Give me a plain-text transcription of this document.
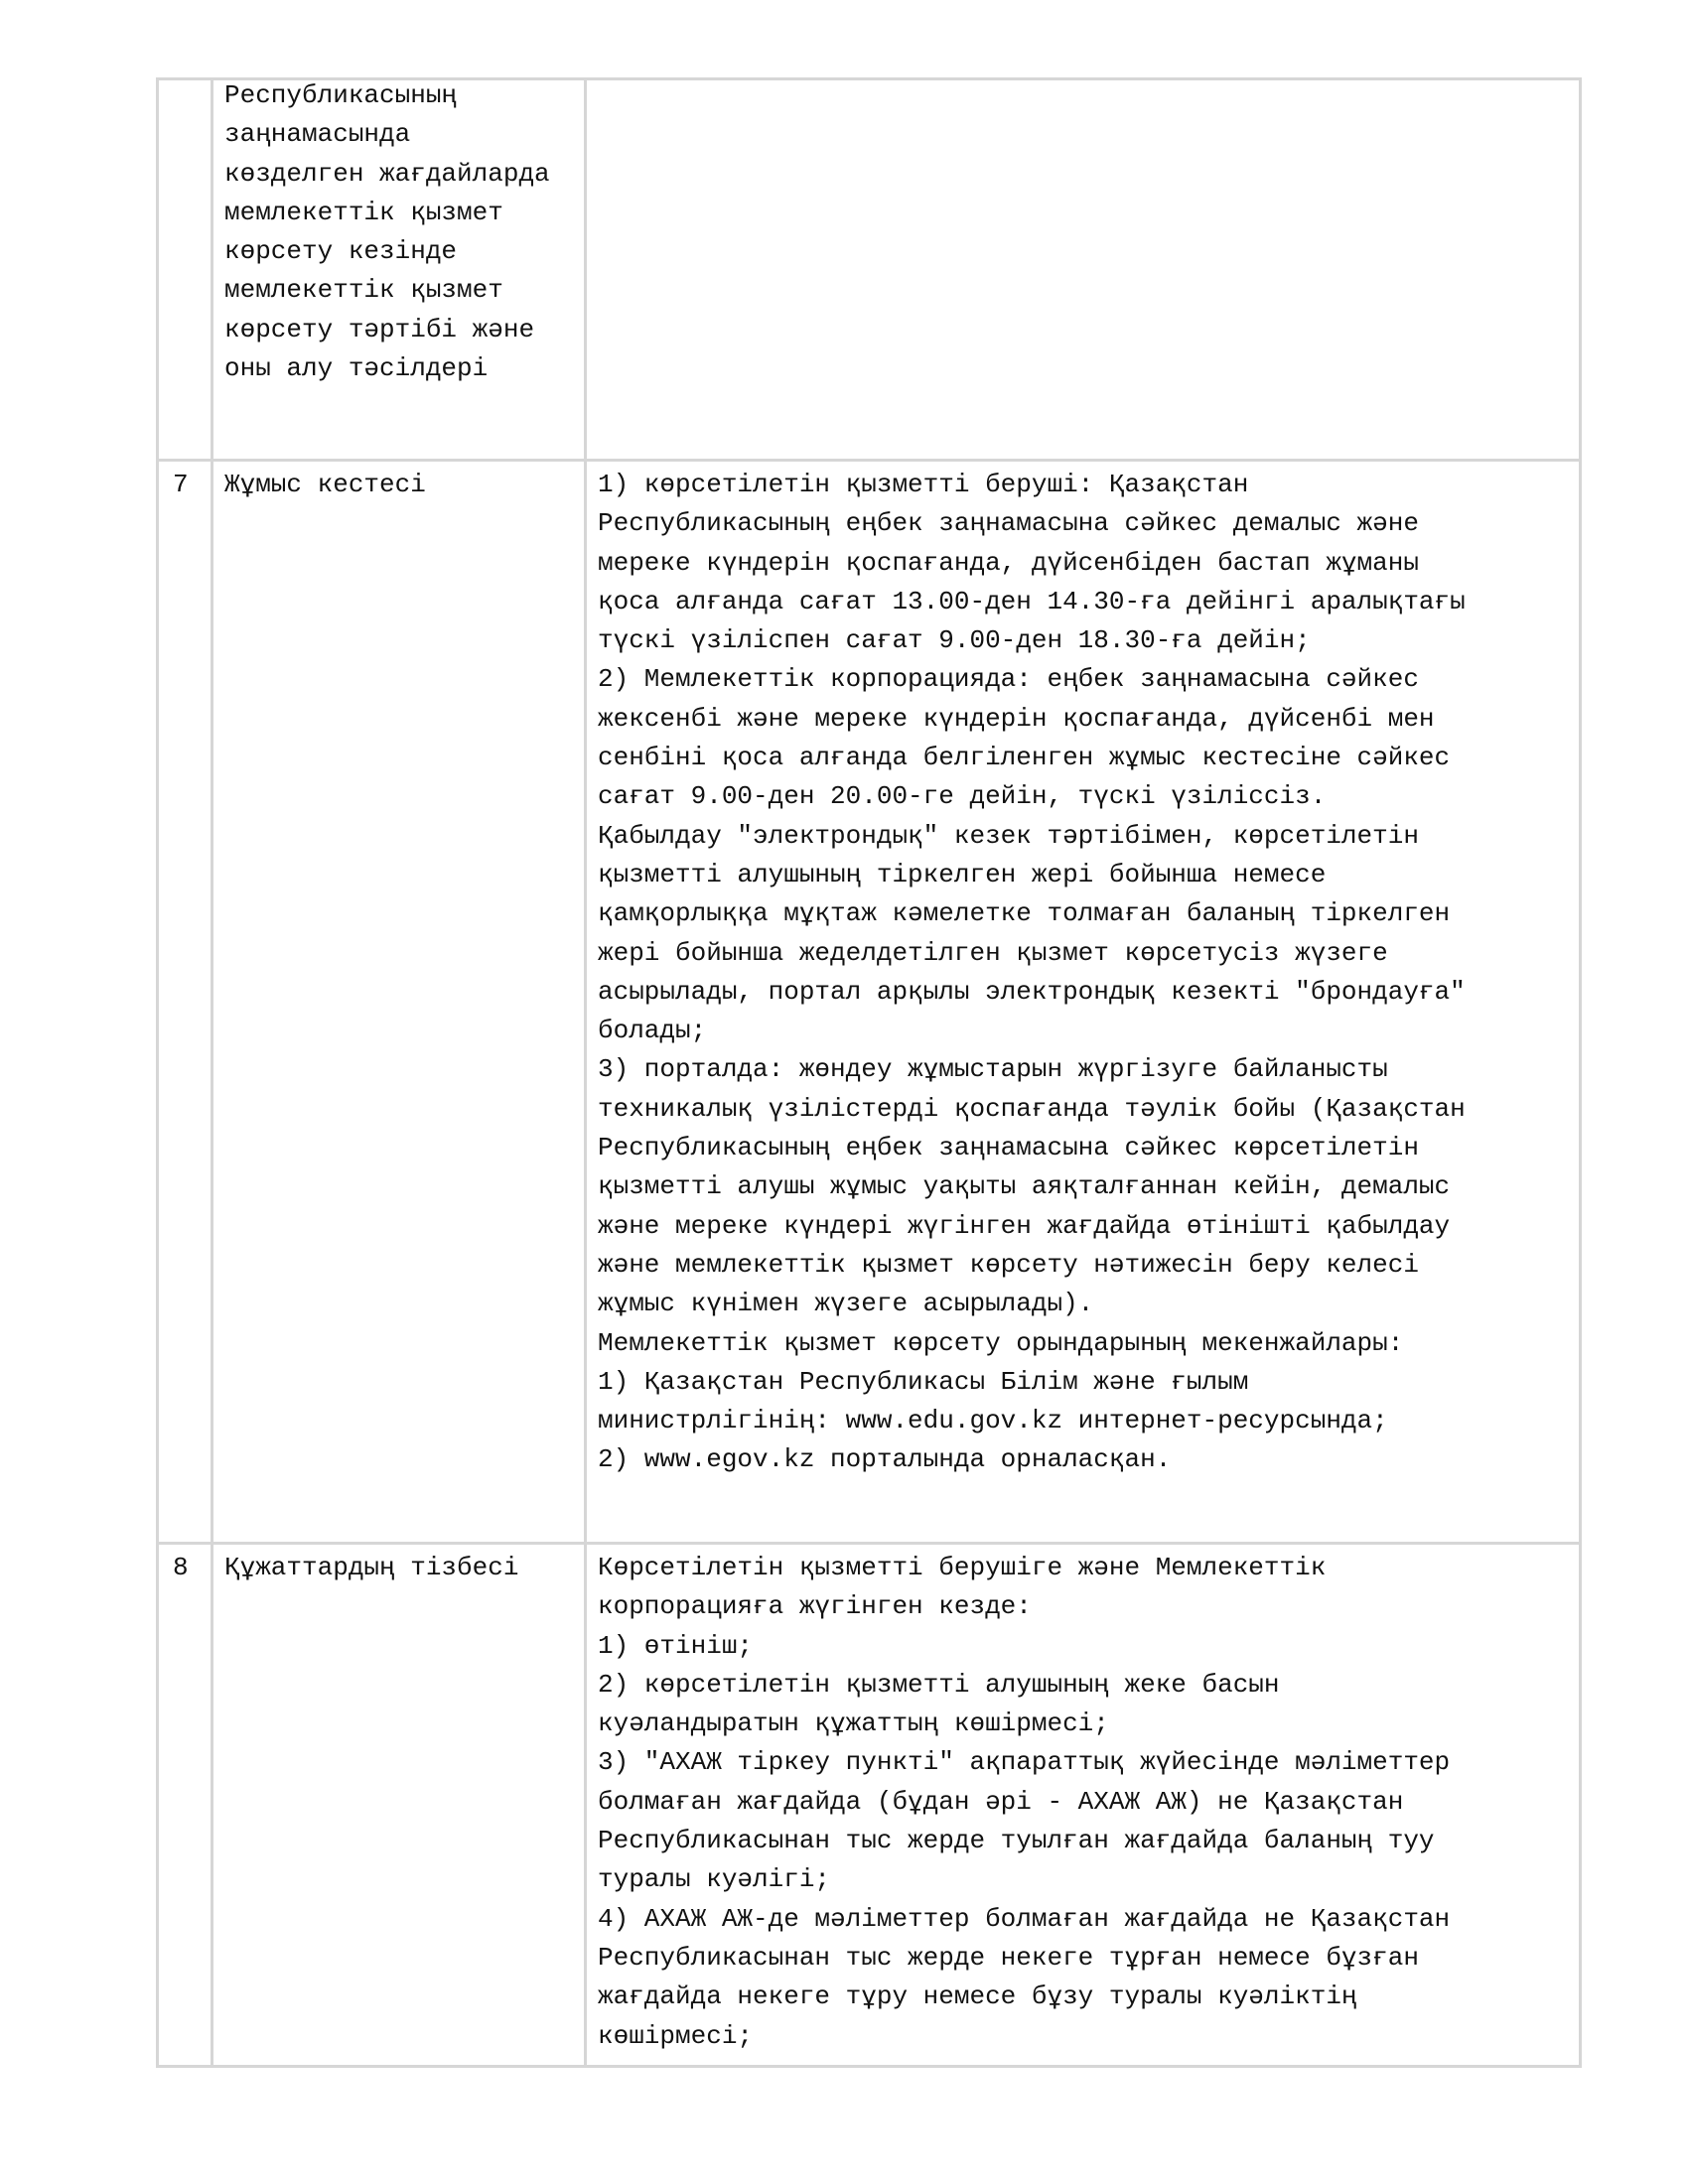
Республикасының
заңнамасында
көзделген жағдайларда
мемлекеттік қызмет
көрсету кезінде
мемлекеттік қызмет
көрсету тәртібі және
оны алу тәсілдері
7 Жұмыс кестесі	1) көрсетілетін қызметті беруші: Қазақстан
Республикасының еңбек заңнамасына сәйкес демалыс және
мереке күндерін қоспағанда, дүйсенбіден бастап жұманы
қоса алғанда сағат 13.00-ден 14.30-ға дейінгі аралықтағы
түскі үзіліспен сағат 9.00-ден 18.30-ға дейін;
2) Мемлекеттік корпорацияда: еңбек заңнамасына сәйкес
жексенбі және мереке күндерін қоспағанда, дүйсенбі мен
сенбіні қоса алғанда белгіленген жұмыс кестесіне сәйкес
сағат 9.00-ден 20.00-ге дейін, түскі үзіліссіз.
Қабылдау "электрондық" кезек тәртібімен, көрсетілетін
қызметті алушының тіркелген жері бойынша немесе
қамқорлыққа мұқтаж кәмелетке толмаған баланың тіркелген
жері бойынша жеделдетілген қызмет көрсетусіз жүзеге
асырылады, портал арқылы электрондық кезекті "брондауға"
болады;
3) порталда: жөндеу жұмыстарын жүргізуге байланысты
техникалық үзілістерді қоспағанда тәулік бойы (Қазақстан
Республикасының еңбек заңнамасына сәйкес көрсетілетін
қызметті алушы жұмыс уақыты аяқталғаннан кейін, демалыс
және мереке күндері жүгінген жағдайда өтінішті қабылдау
және мемлекеттік қызмет көрсету нәтижесін беру келесі
жұмыс күнімен жүзеге асырылады).
Мемлекеттік қызмет көрсету орындарының мекенжайлары:
1) Қазақстан Республикасы Білім және ғылым
министрлігінің: www.edu.gov.kz интернет-ресурсында;
2) www.egov.kz порталында орналасқан.
8 Құжаттардың тізбесі	Көрсетілетін қызметті берушіге және Мемлекеттік
корпорацияға жүгінген кезде:
1) өтініш;
2) көрсетілетін қызметті алушының жеке басын
куәландыратын құжаттың көшірмесі;
3) "АХАЖ тіркеу пункті" ақпараттық жүйесінде мәліметтер
болмаған жағдайда (бұдан әрі - АХАЖ АЖ) не Қазақстан
Республикасынан тыс жерде туылған жағдайда баланың туу
туралы куәлігі;
4) АХАЖ АЖ-де мәліметтер болмаған жағдайда не Қазақстан
Республикасынан тыс жерде некеге тұрған немесе бұзған
жағдайда некеге тұру немесе бұзу туралы куәліктің
көшірмесі;
